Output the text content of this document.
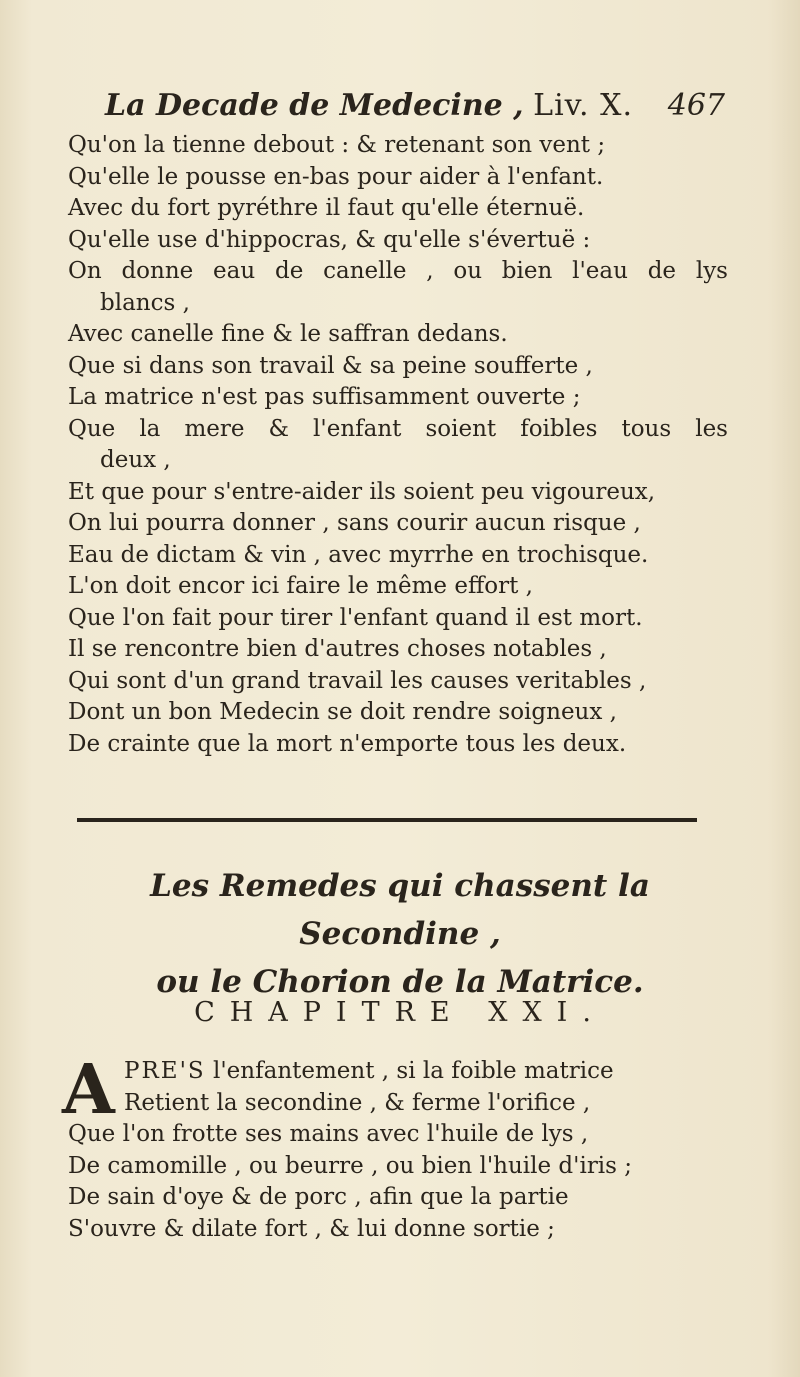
La Decade de Medecine , Liv. X. 467
Qu'on la tienne debout : & retenant son vent ;
Qu'elle le pousse en-bas pour aider à l'enfant.
Avec du fort pyréthre il faut qu'elle éternuë.
Qu'elle use d'hippocras, & qu'elle s'évertuë :
On donne eau de canelle , ou bien l'eau de lys
blancs ,
Avec canelle fine & le saffran dedans.
Que si dans son travail & sa peine soufferte ,
La matrice n'est pas suffisamment ouverte ;
Que la mere & l'enfant soient foibles tous les
deux ,
Et que pour s'entre-aider ils soient peu vigoureux,
On lui pourra donner , sans courir aucun risque ,
Eau de dictam & vin , avec myrrhe en trochisque.
L'on doit encor ici faire le même effort ,
Que l'on fait pour tirer l'enfant quand il est mort.
Il se rencontre bien d'autres choses notables ,
Qui sont d'un grand travail les causes veritables ,
Dont un bon Medecin se doit rendre soigneux ,
De crainte que la mort n'emporte tous les deux.
Les Remedes qui chassent la Secondine ,
ou le Chorion de la Matrice.
CHAPITRE XXI.
A PRE'S l'enfantement , si la foible matrice
Retient la secondine , & ferme l'orifice ,
Que l'on frotte ses mains avec l'huile de lys ,
De camomille , ou beurre , ou bien l'huile d'iris ;
De sain d'oye & de porc , afin que la partie
S'ouvre & dilate fort , & lui donne sortie ;
